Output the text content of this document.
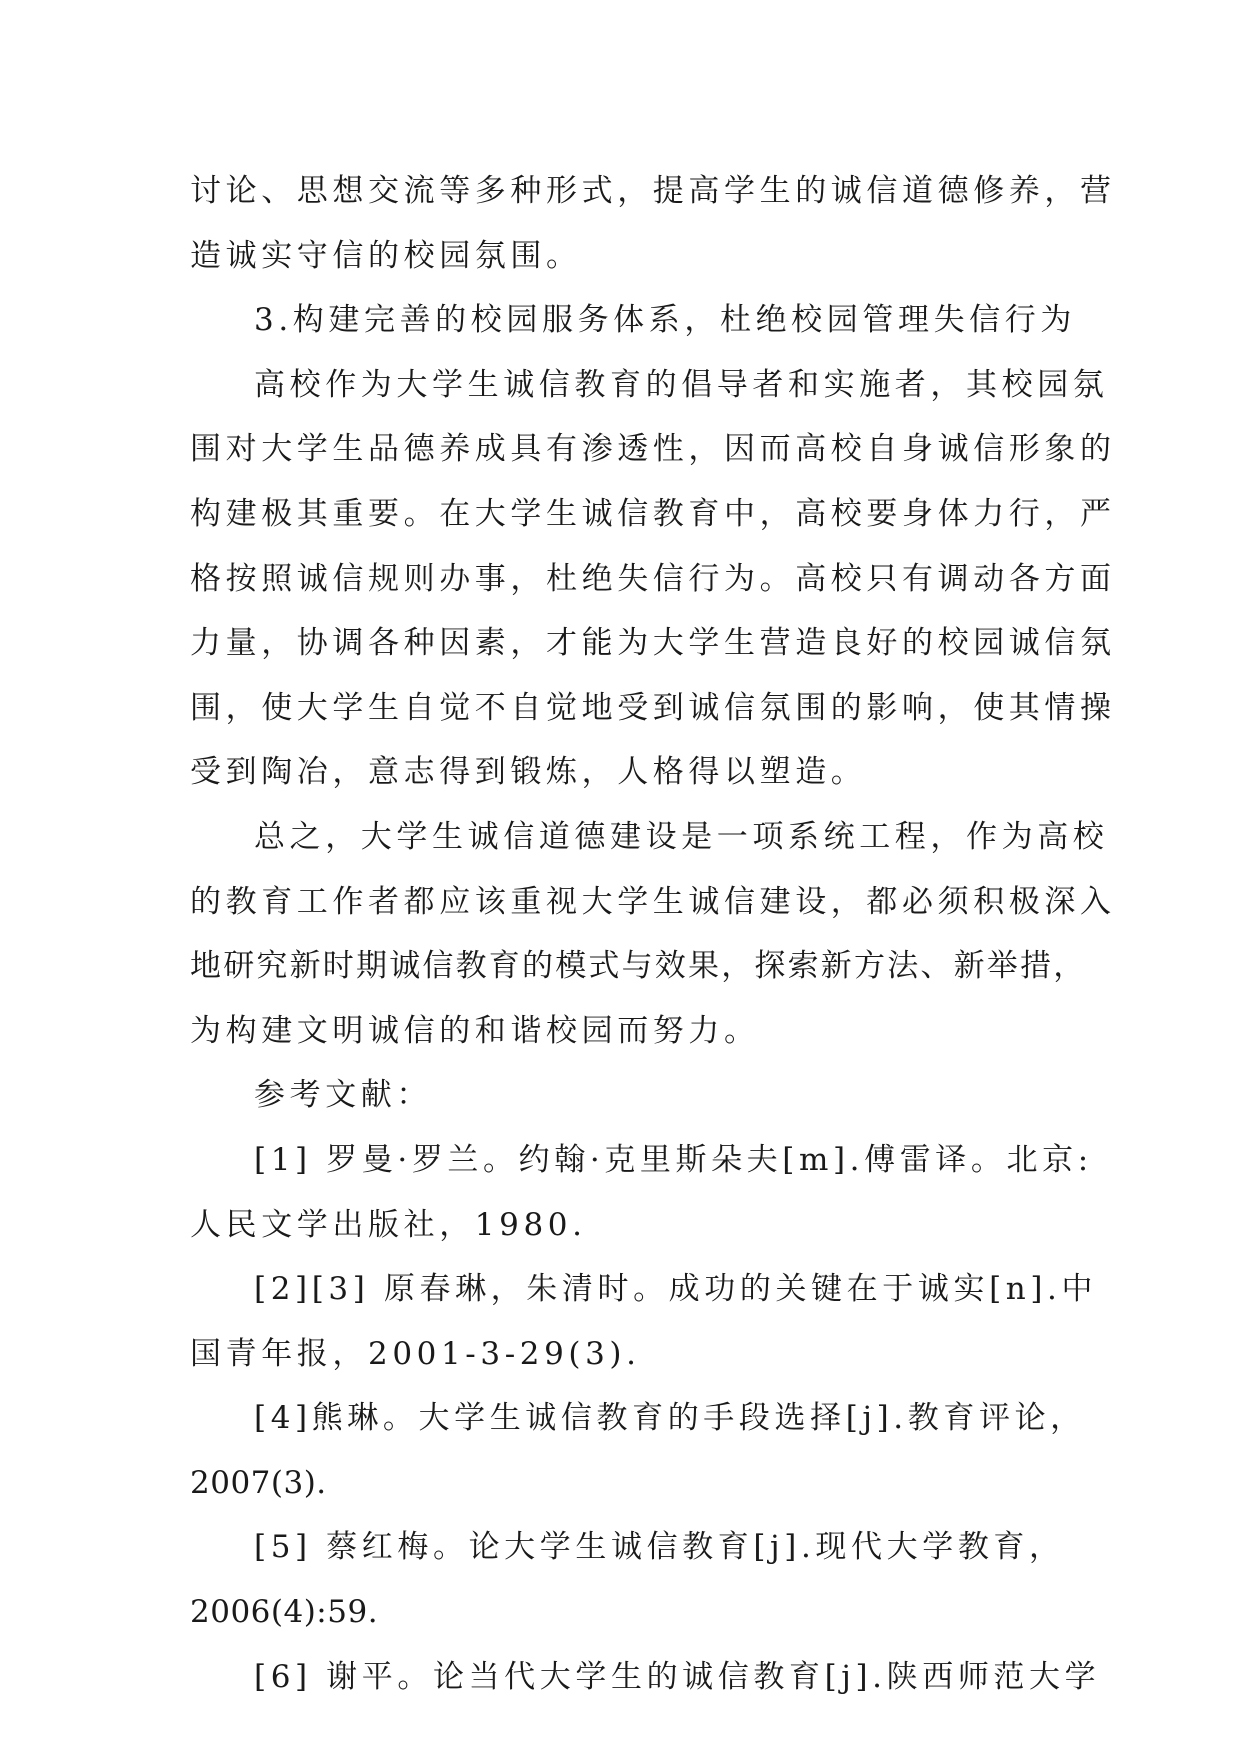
讨论、思想交流等多种形式，提高学生的诚信道德修养，营
造诚实守信的校园氛围。
3.构建完善的校园服务体系，杜绝校园管理失信行为
高校作为大学生诚信教育的倡导者和实施者，其校园氛
围对大学生品德养成具有渗透性，因而高校自身诚信形象的
构建极其重要。在大学生诚信教育中，高校要身体力行，严
格按照诚信规则办事，杜绝失信行为。高校只有调动各方面
力量，协调各种因素，才能为大学生营造良好的校园诚信氛
围，使大学生自觉不自觉地受到诚信氛围的影响，使其情操
受到陶冶，意志得到锻炼，人格得以塑造。
总之，大学生诚信道德建设是一项系统工程，作为高校
的教育工作者都应该重视大学生诚信建设，都必须积极深入
地研究新时期诚信教育的模式与效果，探索新方法、新举措，
为构建文明诚信的和谐校园而努力。
参考文献：
[1] 罗曼·罗兰。约翰·克里斯朵夫[m].傅雷译。北京:
人民文学出版社，1980.
[2][3] 原春琳，朱清时。成功的关键在于诚实[n].中
国青年报，2001-3-29(3).
[4]熊琳。大学生诚信教育的手段选择[j].教育评论，
2007(3).
[5] 蔡红梅。论大学生诚信教育[j].现代大学教育，
2006(4):59.
[6] 谢平。论当代大学生的诚信教育[j].陕西师范大学
